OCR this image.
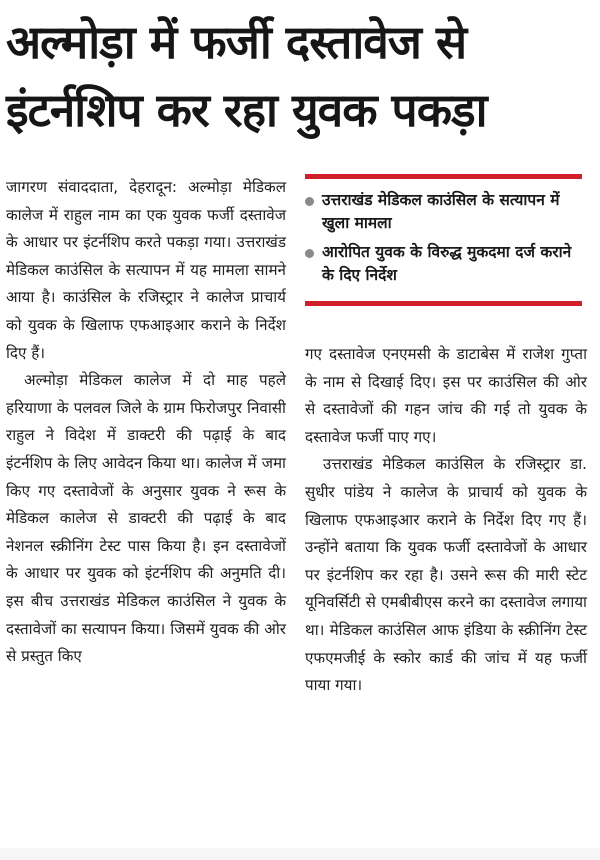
अल्मोड़ा में फर्जी दस्तावेज से
इंटर्नशिप कर रहा युवक पकड़ा

जागरण संवाददाता, देहरादून: अल्मोड़ा मेडिकल कालेज में राहुल नाम का एक युवक फर्जी दस्तावेज के आधार पर इंटर्नशिप करते पकड़ा गया। उत्तराखंड मेडिकल काउंसिल के सत्यापन में यह मामला सामने आया है। काउंसिल के रजिस्ट्रार ने कालेज प्राचार्य को युवक के खिलाफ एफआइआर कराने के निर्देश दिए हैं।

अल्मोड़ा मेडिकल कालेज में दो माह पहले हरियाणा के पलवल जिले के ग्राम फिरोजपुर निवासी राहुल ने विदेश में डाक्टरी की पढ़ाई के बाद इंटर्नशिप के लिए आवेदन किया था। कालेज में जमा किए गए दस्तावेजों के अनुसार युवक ने रूस के मेडिकल कालेज से डाक्टरी की पढ़ाई के बाद नेशनल स्क्रीनिंग टेस्ट पास किया है। इन दस्तावेजों के आधार पर युवक को इंटर्नशिप की अनुमति दी। इस बीच उत्तराखंड मेडिकल काउंसिल ने युवक के दस्तावेजों का सत्यापन किया। जिसमें युवक की ओर से प्रस्तुत किए

उत्तराखंड मेडिकल काउंसिल के सत्यापन में खुला मामला
आरोपित युवक के विरुद्ध मुकदमा दर्ज कराने के दिए निर्देश

गए दस्तावेज एनएमसी के डाटाबेस में राजेश गुप्ता के नाम से दिखाई दिए। इस पर काउंसिल की ओर से दस्तावेजों की गहन जांच की गई तो युवक के दस्तावेज फर्जी पाए गए।

उत्तराखंड मेडिकल काउंसिल के रजिस्ट्रार डा. सुधीर पांडेय ने कालेज के प्राचार्य को युवक के खिलाफ एफआइआर कराने के निर्देश दिए गए हैं। उन्होंने बताया कि युवक फर्जी दस्तावेजों के आधार पर इंटर्नशिप कर रहा है। उसने रूस की मारी स्टेट यूनिवर्सिटी से एमबीबीएस करने का दस्तावेज लगाया था। मेडिकल काउंसिल आफ इंडिया के स्क्रीनिंग टेस्ट एफएमजीई के स्कोर कार्ड की जांच में यह फर्जी पाया गया।
